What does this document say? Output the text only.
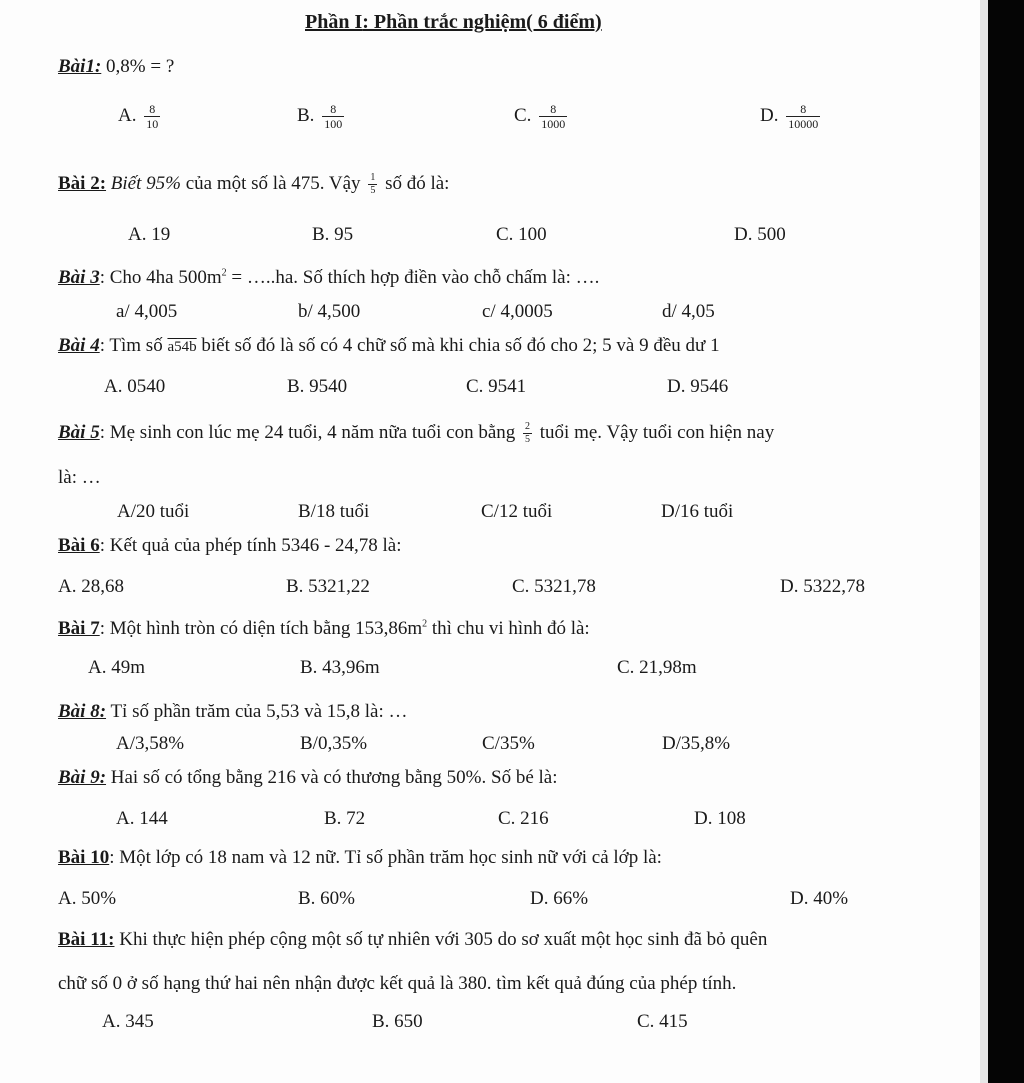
Phần I: Phần trắc nghiệm( 6 điểm)
Bài1: 0,8% = ?
A. $\frac{8}{10}$	B. $\frac{8}{100}$	C. $\frac{8}{1000}$	D. $\frac{8}{10000}$
Bài 2: Biết 95% của một số là 475. Vậy $\frac{1}{5}$ số đó là:
A. 19	B. 95	C. 100	D. 500
Bài 3: Cho 4ha $500m^2$ = …..ha. Số thích hợp điền vào chỗ chấm là: ….
a/ 4,005	b/ 4,500	c/ 4,0005	d/ 4,05
Bài 4: Tìm số a54b biết số đó là số có 4 chữ số mà khi chia số đó cho 2; 5 và 9 đều dư 1
A. 0540	B. 9540	C. 9541	D. 9546
Bài 5: Mẹ sinh con lúc mẹ 24 tuổi, 4 năm nữa tuổi con bằng $\frac{2}{5}$ tuổi mẹ. Vậy tuổi con hiện nay
là: …
A/20 tuổi	B/18 tuổi	C/12 tuổi	D/16 tuổi
Bài 6: Kết quả của phép tính 5346 - 24,78 là:
A. 28,68	B. 5321,22	C. 5321,78	D. 5322,78
Bài 7: Một hình tròn có diện tích bằng $153,86m^2$ thì chu vi hình đó là:
A. 49m	B. 43,96m	C. 21,98m
Bài 8: Tỉ số phần trăm của 5,53 và 15,8 là: …
A/3,58%	B/0,35%	C/35%	D/35,8%
Bài 9: Hai số có tổng bằng 216 và có thương bằng 50%. Số bé là:
A. 144	B. 72	C. 216	D. 108
Bài 10: Một lớp có 18 nam và 12 nữ. Tỉ số phần trăm học sinh nữ với cả lớp là:
A. 50%	B. 60%	D. 66%	D. 40%
Bài 11: Khi thực hiện phép cộng một số tự nhiên với 305 do sơ xuất một học sinh đã bỏ quên
chữ số 0 ở số hạng thứ hai nên nhận được kết quả là 380. tìm kết quả đúng của phép tính.
A. 345	B. 650	C. 415
